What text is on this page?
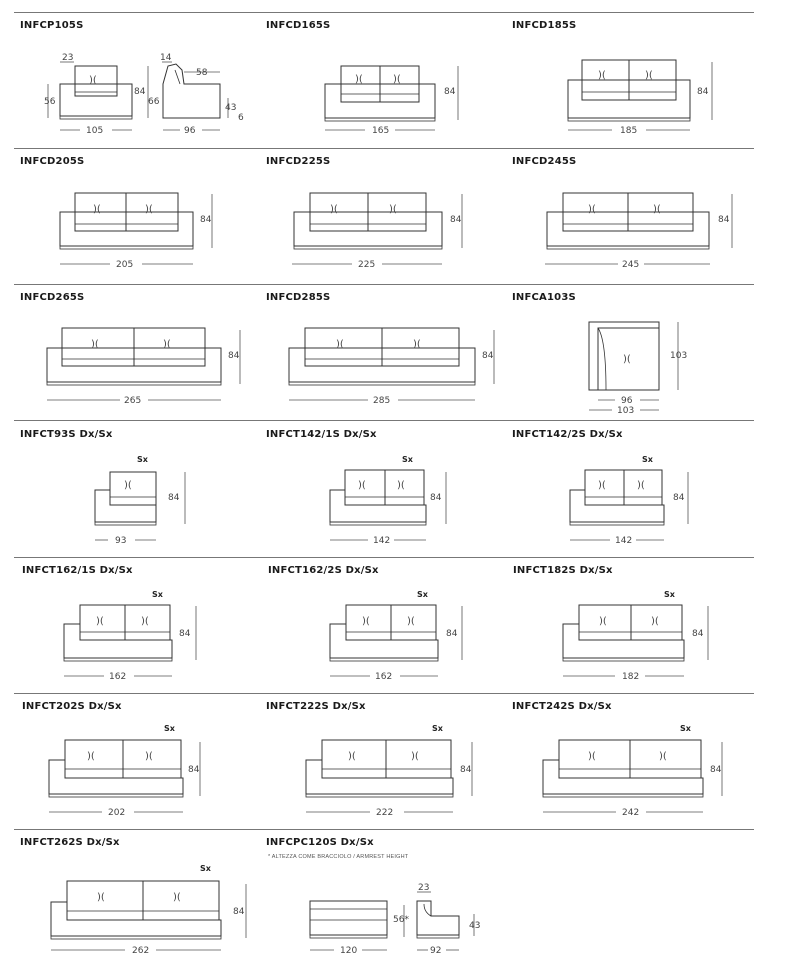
INFCP105S
23
)(
56
84
66
105
14
58
43
6
96
INFCD165S
)(	)(
84
165
INFCD185S
)(	)(
84
185
INFCD205S
)(	)(
84
205
INFCD225S
)(	)(
84
225
INFCD245S
)(	)(
84
245
INFCD265S
)(	)(
84
265
INFCD285S
)(	)(
84
285
INFCA103S
)(	103
96
103
INFCT93S Dx/Sx
Sx
)(
84
93
INFCT142/1S Dx/Sx
Sx
)(	)(
84
142
INFCT142/2S Dx/Sx
Sx
)(	)(
84
142
INFCT162/1S Dx/Sx
Sx
)(	)(
84
162
INFCT162/2S Dx/Sx
Sx
)(	)(
84
162
INFCT182S Dx/Sx
Sx
)(	)(
84
182
INFCT202S Dx/Sx
Sx
)(	)(
84
202
INFCT222S Dx/Sx
Sx
)(	)(
84
222
INFCT242S Dx/Sx
Sx
)(	)(
84
242
INFCT262S Dx/Sx
Sx
)(	)(
84
262
INFCPC120S Dx/Sx
* ALTEZZA COME BRACCIOLO / ARMREST HEIGHT
120
56*
23
43
92
